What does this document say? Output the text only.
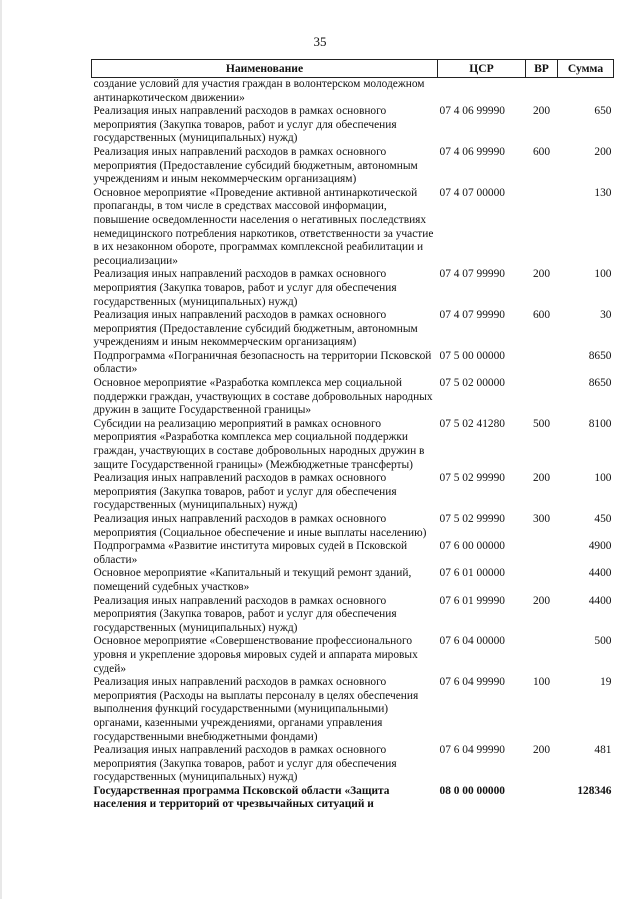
35
Наименование	ЦСР	ВР	Сумма
создание условий для участия граждан в волонтерском молодежном антинаркотическом движении»			
Реализация иных направлений расходов в рамках основного мероприятия (Закупка товаров, работ и услуг для обеспечения государственных (муниципальных) нужд)	07 4 06 99990	200	650
Реализация иных направлений расходов в рамках основного мероприятия (Предоставление субсидий бюджетным, автономным учреждениям и иным некоммерческим организациям)	07 4 06 99990	600	200
Основное мероприятие «Проведение активной антинаркотической пропаганды, в том числе в средствах массовой информации, повышение осведомленности населения о негативных последствиях немедицинского потребления наркотиков, ответственности за участие в их незаконном обороте, программах комплексной реабилитации и ресоциализации»	07 4 07 00000		130
Реализация иных направлений расходов в рамках основного мероприятия (Закупка товаров, работ и услуг для обеспечения государственных (муниципальных) нужд)	07 4 07 99990	200	100
Реализация иных направлений расходов в рамках основного мероприятия (Предоставление субсидий бюджетным, автономным учреждениям и иным некоммерческим организациям)	07 4 07 99990	600	30
Подпрограмма «Пограничная безопасность на территории Псковской области»	07 5 00 00000		8650
Основное мероприятие «Разработка комплекса мер социальной поддержки граждан, участвующих в составе добровольных народных дружин в защите Государственной границы»	07 5 02 00000		8650
Субсидии на реализацию мероприятий в рамках основного мероприятия «Разработка комплекса мер социальной поддержки граждан, участвующих в составе добровольных народных дружин в защите Государственной границы» (Межбюджетные трансферты)	07 5 02 41280	500	8100
Реализация иных направлений расходов в рамках основного мероприятия (Закупка товаров, работ и услуг для обеспечения государственных (муниципальных) нужд)	07 5 02 99990	200	100
Реализация иных направлений расходов в рамках основного мероприятия (Социальное обеспечение и иные выплаты населению)	07 5 02 99990	300	450
Подпрограмма «Развитие института мировых судей в Псковской области»	07 6 00 00000		4900
Основное мероприятие «Капитальный и текущий ремонт зданий, помещений судебных участков»	07 6 01 00000		4400
Реализация иных направлений расходов в рамках основного мероприятия (Закупка товаров, работ и услуг для обеспечения государственных (муниципальных) нужд)	07 6 01 99990	200	4400
Основное мероприятие «Совершенствование профессионального уровня и укрепление здоровья мировых судей и аппарата мировых судей»	07 6 04 00000		500
Реализация иных направлений расходов в рамках основного мероприятия (Расходы на выплаты персоналу в целях обеспечения выполнения функций государственными (муниципальными) органами, казенными учреждениями, органами управления государственными внебюджетными фондами)	07 6 04 99990	100	19
Реализация иных направлений расходов в рамках основного мероприятия (Закупка товаров, работ и услуг для обеспечения государственных (муниципальных) нужд)	07 6 04 99990	200	481
Государственная программа Псковской области «Защита населения и территорий от чрезвычайных ситуаций и	08 0 00 00000		128346
